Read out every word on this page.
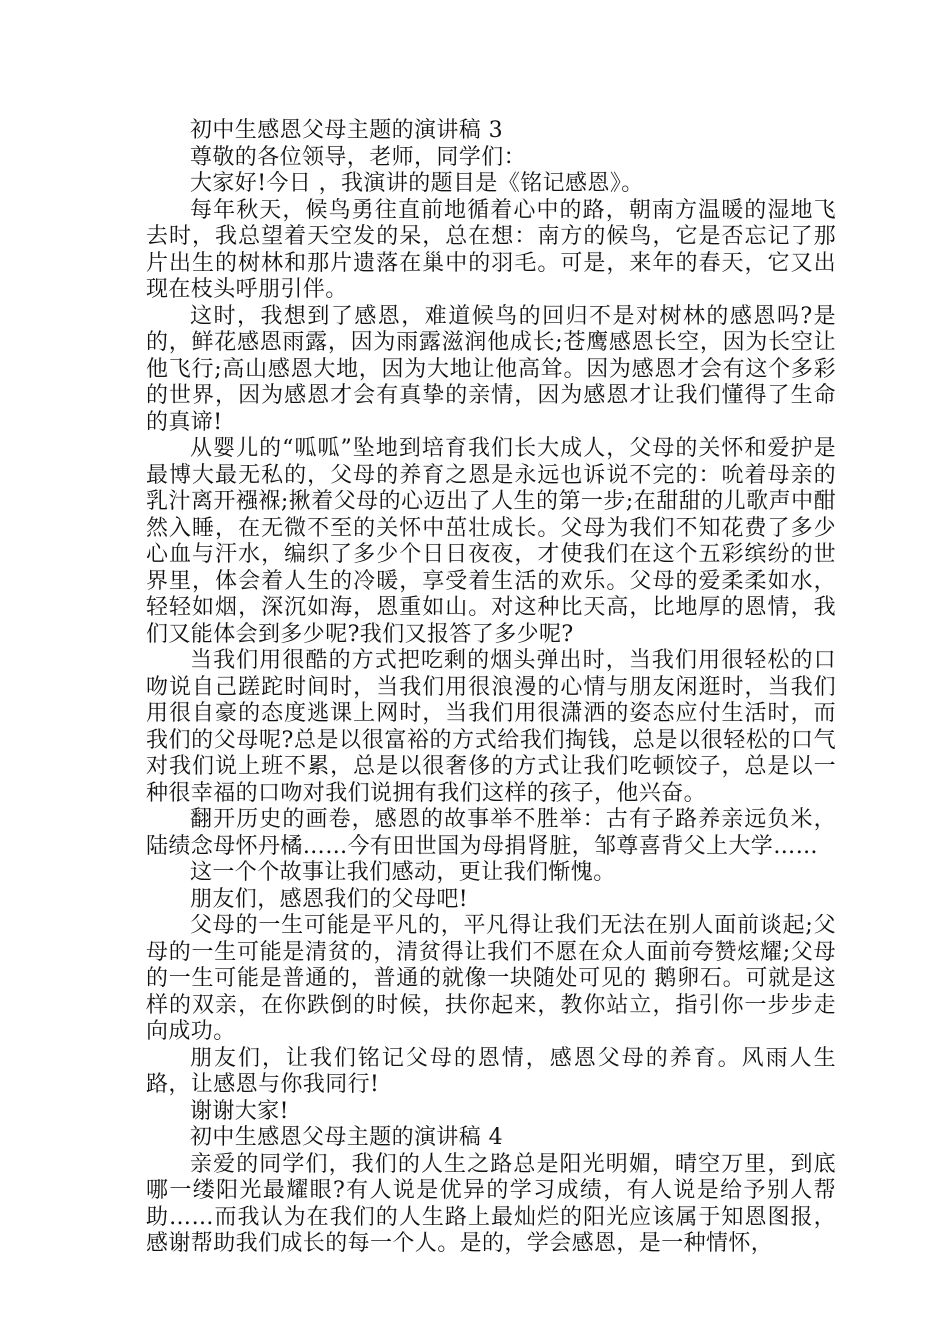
初中生感恩父母主题的演讲稿 3

尊敬的各位领导，老师，同学们：

大家好!今日 ，我演讲的题目是《铭记感恩》。

每年秋天，候鸟勇往直前地循着心中的路，朝南方温暖的湿地飞去时，我总望着天空发的呆，总在想：南方的候鸟，它是否忘记了那片出生的树林和那片遗落在巢中的羽毛。可是，来年的春天，它又出现在枝头呼朋引伴。

这时，我想到了感恩，难道候鸟的回归不是对树林的感恩吗?是的，鲜花感恩雨露，因为雨露滋润他成长;苍鹰感恩长空，因为长空让他飞行;高山感恩大地，因为大地让他高耸。因为感恩才会有这个多彩的世界，因为感恩才会有真挚的亲情，因为感恩才让我们懂得了生命的真谛!

从婴儿的“呱呱”坠地到培育我们长大成人，父母的关怀和爱护是最博大最无私的，父母的养育之恩是永远也诉说不完的：吮着母亲的乳汁离开襁褓;揪着父母的心迈出了人生的第一步;在甜甜的儿歌声中酣然入睡，在无微不至的关怀中茁壮成长。父母为我们不知花费了多少心血与汗水，编织了多少个日日夜夜，才使我们在这个五彩缤纷的世界里，体会着人生的冷暖，享受着生活的欢乐。父母的爱柔柔如水，轻轻如烟，深沉如海，恩重如山。对这种比天高，比地厚的恩情，我们又能体会到多少呢?我们又报答了多少呢?

当我们用很酷的方式把吃剩的烟头弹出时，当我们用很轻松的口吻说自己蹉跎时间时，当我们用很浪漫的心情与朋友闲逛时，当我们用很自豪的态度逃课上网时，当我们用很潇洒的姿态应付生活时，而我们的父母呢?总是以很富裕的方式给我们掏钱，总是以很轻松的口气对我们说上班不累，总是以很奢侈的方式让我们吃顿饺子，总是以一种很幸福的口吻对我们说拥有我们这样的孩子，他兴奋。

翻开历史的画卷，感恩的故事举不胜举：古有子路养亲远负米，陆绩念母怀丹橘……今有田世国为母捐肾脏，邹尊喜背父上大学……

这一个个故事让我们感动，更让我们惭愧。

朋友们，感恩我们的父母吧!

父母的一生可能是平凡的，平凡得让我们无法在别人面前谈起;父母的一生可能是清贫的，清贫得让我们不愿在众人面前夸赞炫耀;父母的一生可能是普通的，普通的就像一块随处可见的 鹅卵石。可就是这样的双亲，在你跌倒的时候，扶你起来，教你站立，指引你一步步走向成功。

朋友们，让我们铭记父母的恩情，感恩父母的养育。风雨人生路，让感恩与你我同行!

谢谢大家!

初中生感恩父母主题的演讲稿 4

亲爱的同学们，我们的人生之路总是阳光明媚，晴空万里，到底哪一缕阳光最耀眼?有人说是优异的学习成绩，有人说是给予别人帮助……而我认为在我们的人生路上最灿烂的阳光应该属于知恩图报，感谢帮助我们成长的每一个人。是的，学会感恩，是一种情怀，
